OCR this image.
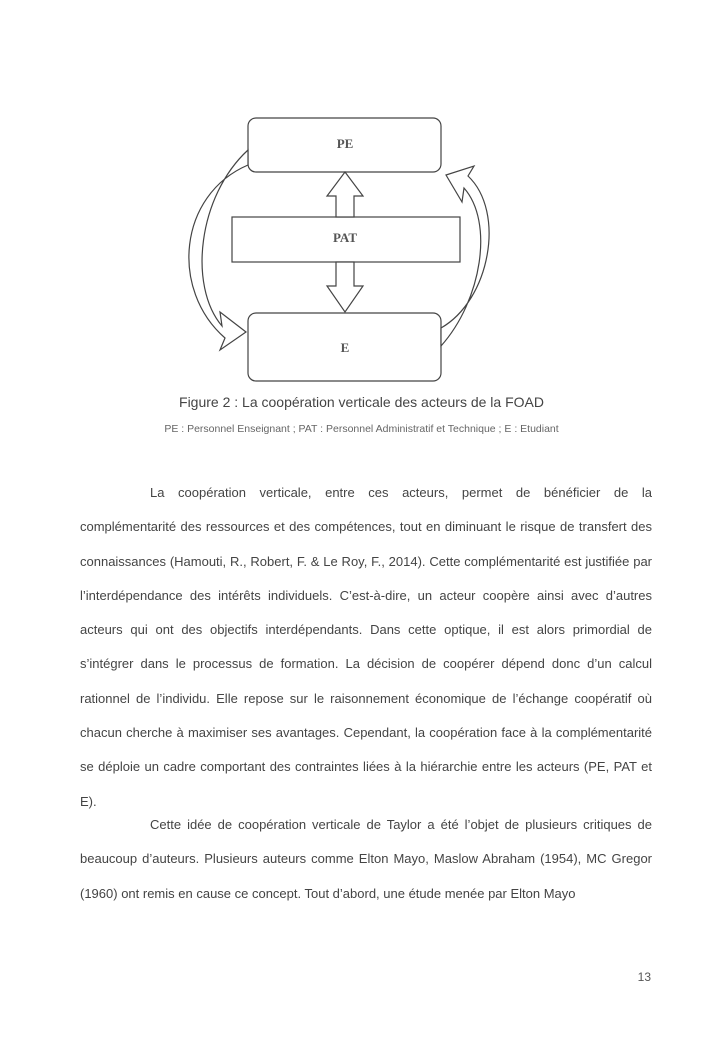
PE
PAT
E
Figure 2 : La coopération verticale des acteurs de la FOAD
PE : Personnel Enseignant ; PAT : Personnel Administratif et Technique ; E : Etudiant

La coopération verticale, entre ces acteurs, permet de bénéficier de la complémentarité des ressources et des compétences, tout en diminuant le risque de transfert des connaissances (Hamouti, R., Robert, F. & Le Roy, F., 2014). Cette complémentarité est justifiée par l’interdépendance des intérêts individuels. C’est-à-dire, un acteur coopère ainsi avec d’autres acteurs qui ont des objectifs interdépendants. Dans cette optique, il est alors primordial de s’intégrer dans le processus de formation. La décision de coopérer dépend donc d’un calcul rationnel de l’individu. Elle repose sur le raisonnement économique de l’échange coopératif où chacun cherche à maximiser ses avantages. Cependant, la coopération face à la complémentarité se déploie un cadre comportant des contraintes liées à la hiérarchie entre les acteurs (PE, PAT et E).

Cette idée de coopération verticale de Taylor a été l’objet de plusieurs critiques de beaucoup d’auteurs. Plusieurs auteurs comme Elton Mayo, Maslow Abraham (1954), MC Gregor (1960) ont remis en cause ce concept. Tout d’abord, une étude menée par Elton Mayo

13
